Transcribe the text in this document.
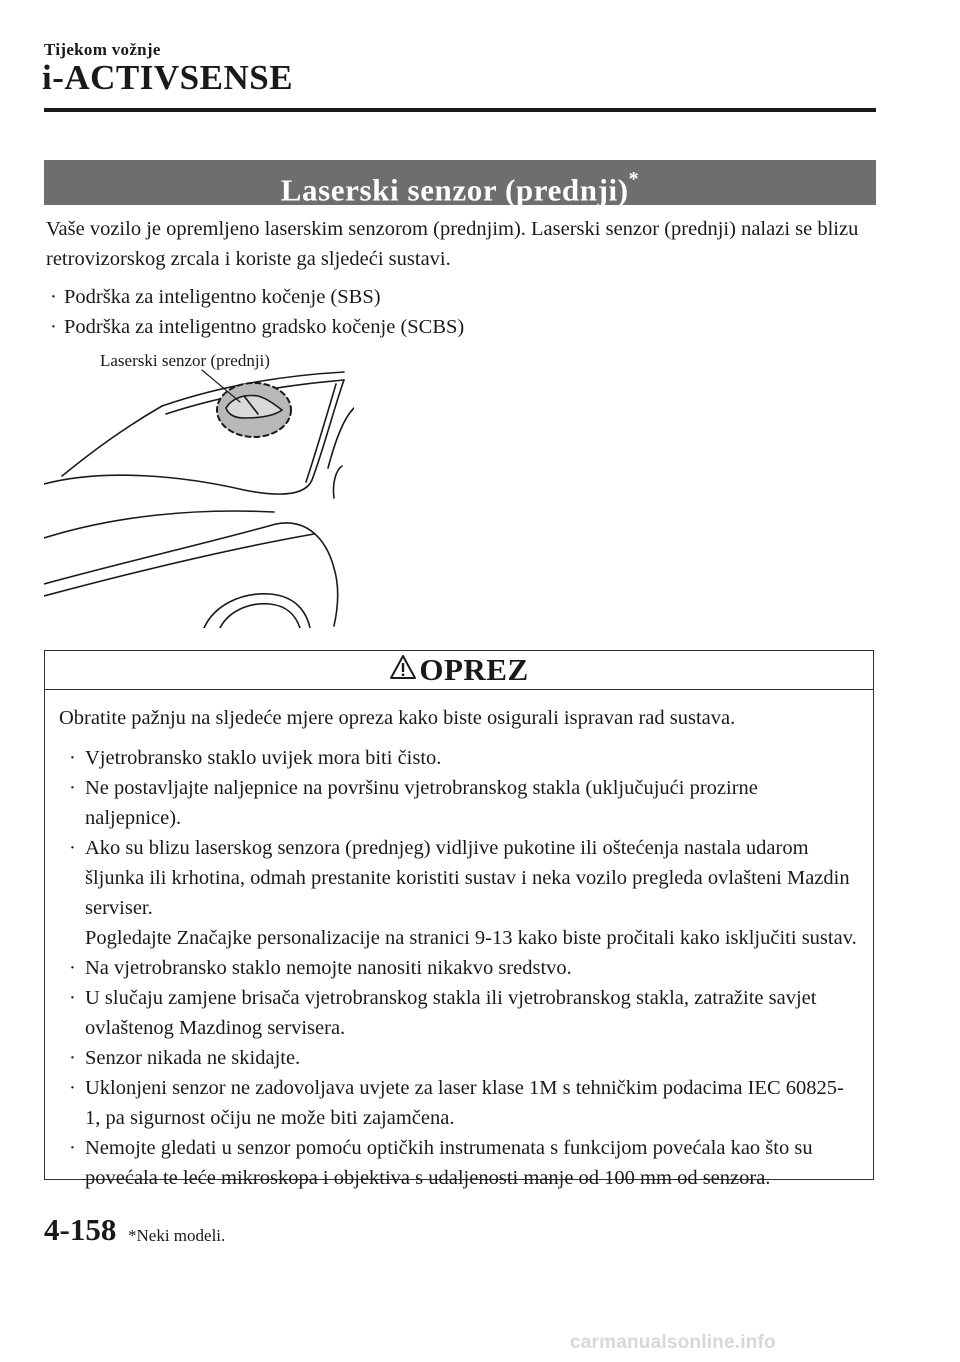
Tijekom vožnje
i-ACTIVSENSE
Laserski senzor (prednji)*
Vaše vozilo je opremljeno laserskim senzorom (prednjim). Laserski senzor (prednji) nalazi se blizu retrovizorskog zrcala i koriste ga sljedeći sustavi.
· Podrška za inteligentno kočenje (SBS)
· Podrška za inteligentno gradsko kočenje (SCBS)
Laserski senzor (prednji)
OPREZ

Obratite pažnju na sljedeće mjere opreza kako biste osigurali ispravan rad sustava.

· Vjetrobransko staklo uvijek mora biti čisto.
· Ne postavljajte naljepnice na površinu vjetrobranskog stakla (uključujući prozirne naljepnice).
· Ako su blizu laserskog senzora (prednjeg) vidljive pukotine ili oštećenja nastala udarom šljunka ili krhotina, odmah prestanite koristiti sustav i neka vozilo pregleda ovlašteni Mazdin serviser.
Pogledajte Značajke personalizacije na stranici 9-13 kako biste pročitali kako isključiti sustav.
· Na vjetrobransko staklo nemojte nanositi nikakvo sredstvo.
· U slučaju zamjene brisača vjetrobranskog stakla ili vjetrobranskog stakla, zatražite savjet ovlaštenog Mazdinog servisera.
· Senzor nikada ne skidajte.
· Uklonjeni senzor ne zadovoljava uvjete za laser klase 1M s tehničkim podacima IEC 60825-1, pa sigurnost očiju ne može biti zajamčena.
· Nemojte gledati u senzor pomoću optičkih instrumenata s funkcijom povećala kao što su povećala te leće mikroskopa i objektiva s udaljenosti manje od 100 mm od senzora.
4-158 *Neki modeli.
carmanualsonline.info
